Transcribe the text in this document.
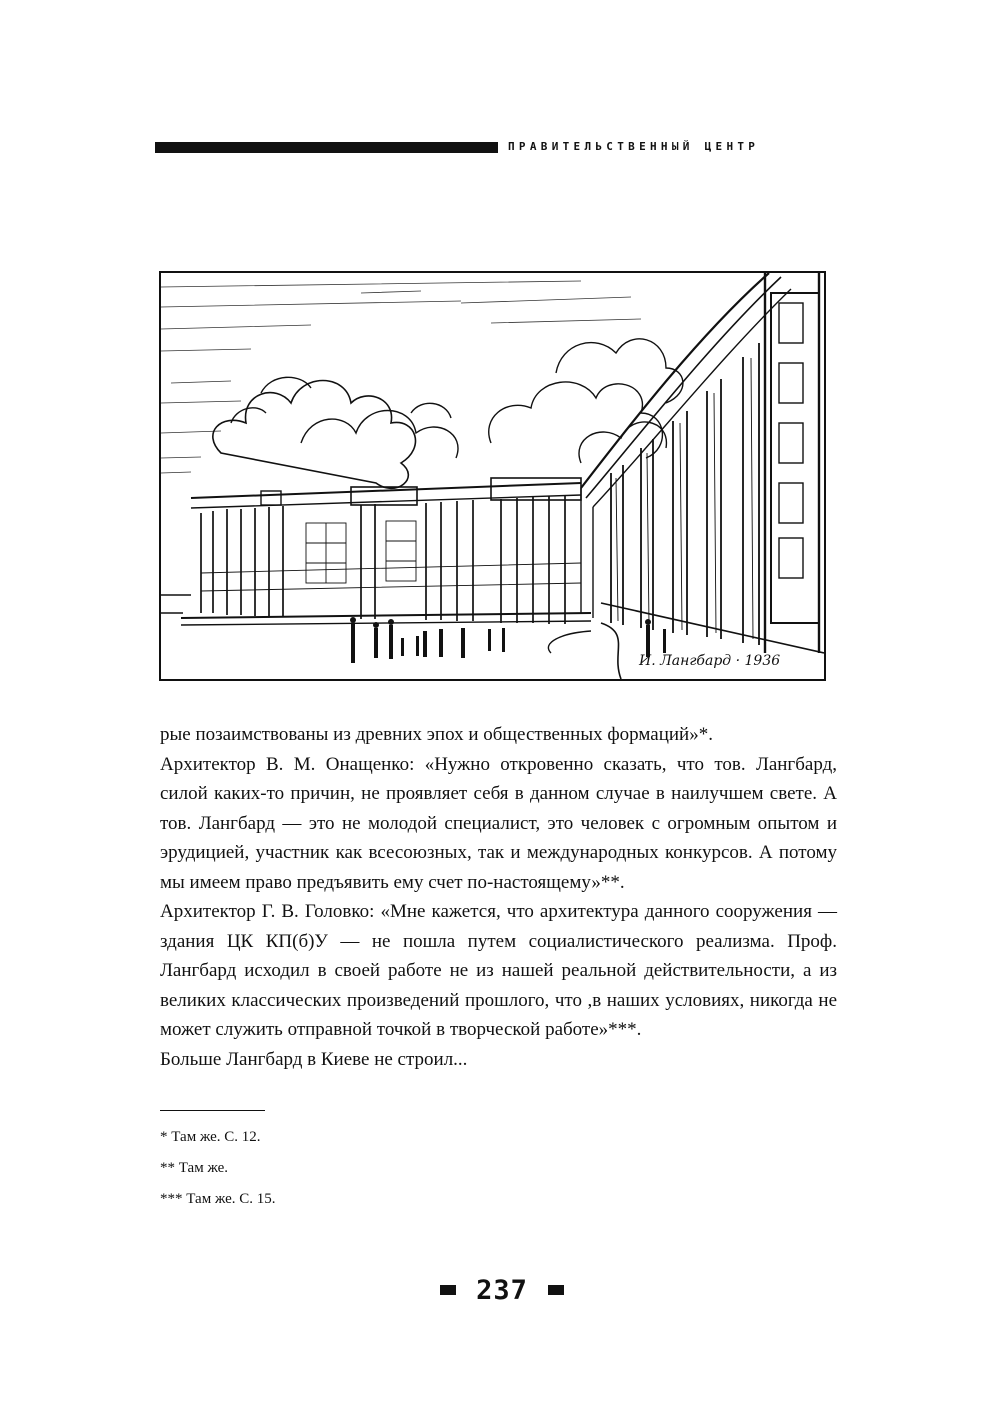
ПРАВИТЕЛЬСТВЕННЫЙ ЦЕНТР
И. Лангбард · 1936

рые позаимствованы из древних эпох и общественных формаций»*.

Архитектор В. М. Онащенко: «Нужно откровенно сказать, что тов. Лангбард, силой каких-то причин, не проявляет себя в данном случае в наилучшем свете. А тов. Лангбард — это не молодой специалист, это человек с огромным опытом и эрудицией, участник как всесоюзных, так и международных конкурсов. А потому мы имеем право предъявить ему счет по-настоящему»**.

Архитектор Г. В. Головко: «Мне кажется, что архитектура данного сооружения — здания ЦК КП(б)У — не пошла путем социалистического реализма. Проф. Лангбард исходил в своей работе не из нашей реальной действительности, а из великих классических произведений прошлого, что ,в наших условиях, никогда не может служить отправной точкой в творческой работе»***.

Больше Лангбард в Киеве не строил...

* Там же. С. 12.
** Там же.
*** Там же. С. 15.
237
